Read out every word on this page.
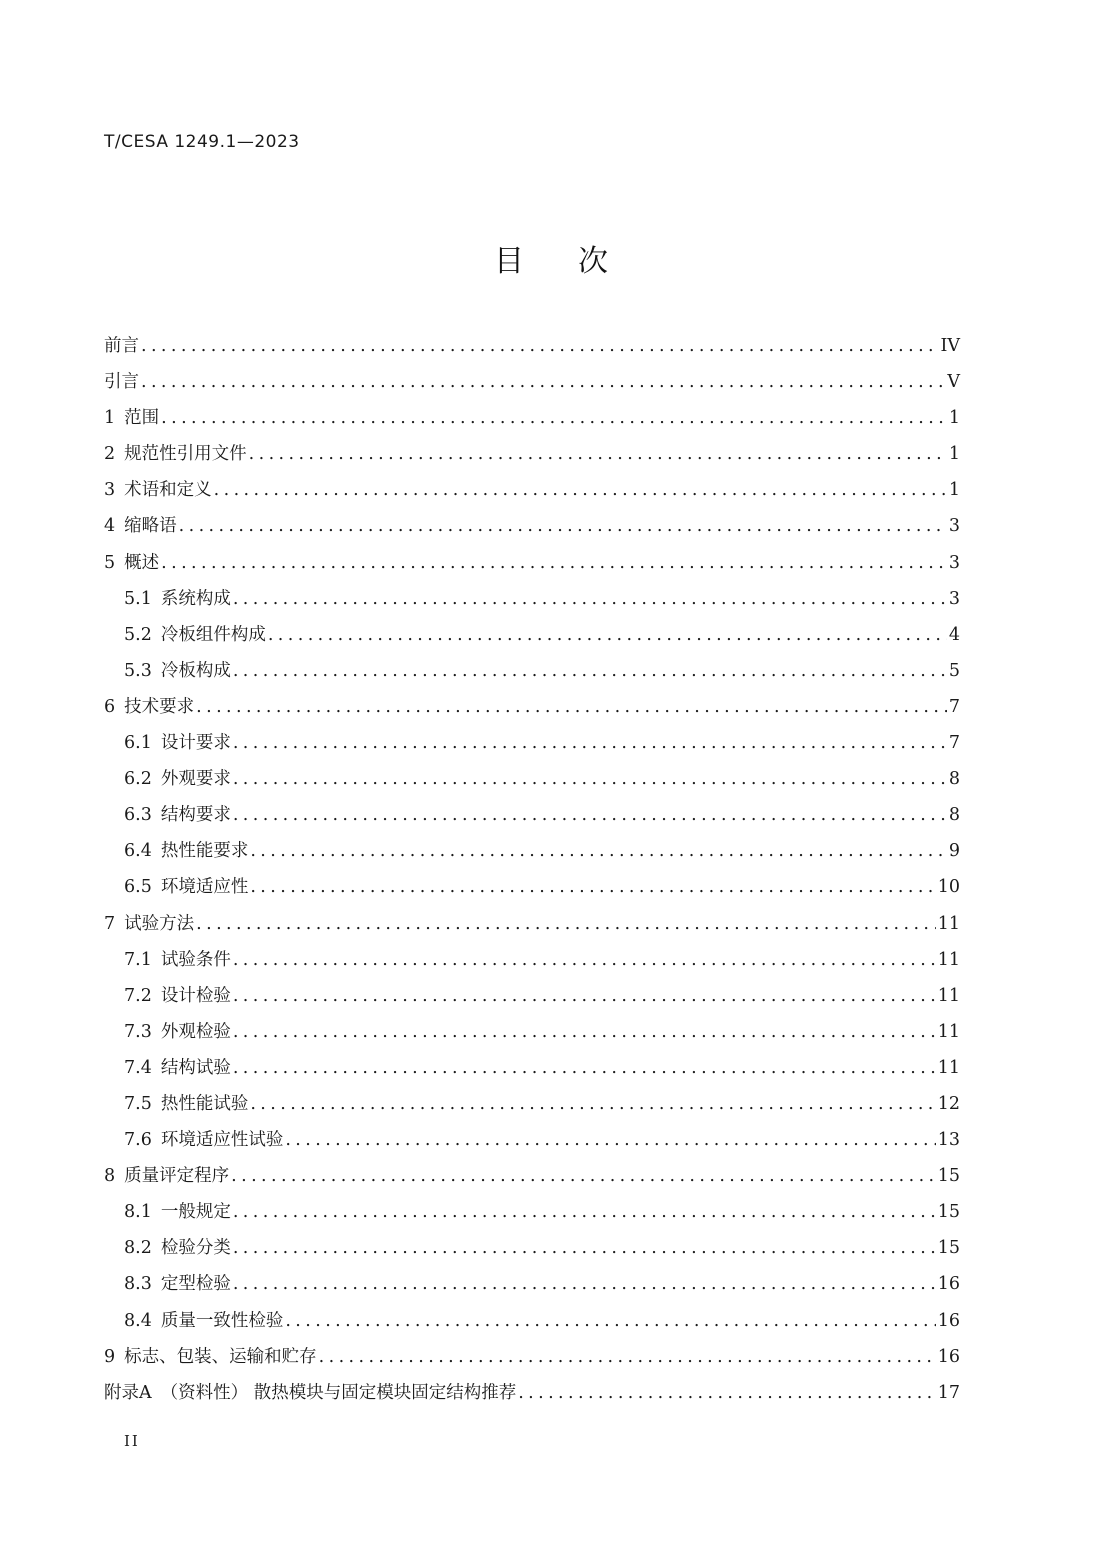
T/CESA 1249.1—2023
目次
前言 .....	IV
引言 .....	V
1 范围 .....	1
2 规范性引用文件 .....	1
3 术语和定义 .....	1
4 缩略语 .....	3
5 概述 .....	3
5.1 系统构成 .....	3
5.2 冷板组件构成 .....	4
5.3 冷板构成 .....	5
6 技术要求 .....	7
6.1 设计要求 .....	7
6.2 外观要求 .....	8
6.3 结构要求 .....	8
6.4 热性能要求 .....	9
6.5 环境适应性 .....	10
7 试验方法 .....	11
7.1 试验条件 .....	11
7.2 设计检验 .....	11
7.3 外观检验 .....	11
7.4 结构试验 .....	11
7.5 热性能试验 .....	12
7.6 环境适应性试验 .....	13
8 质量评定程序 .....	15
8.1 一般规定 .....	15
8.2 检验分类 .....	15
8.3 定型检验 .....	16
8.4 质量一致性检验 .....	16
9 标志、包装、运输和贮存 .....	16
附录A （资料性） 散热模块与固定模块固定结构推荐 .....	17
II
